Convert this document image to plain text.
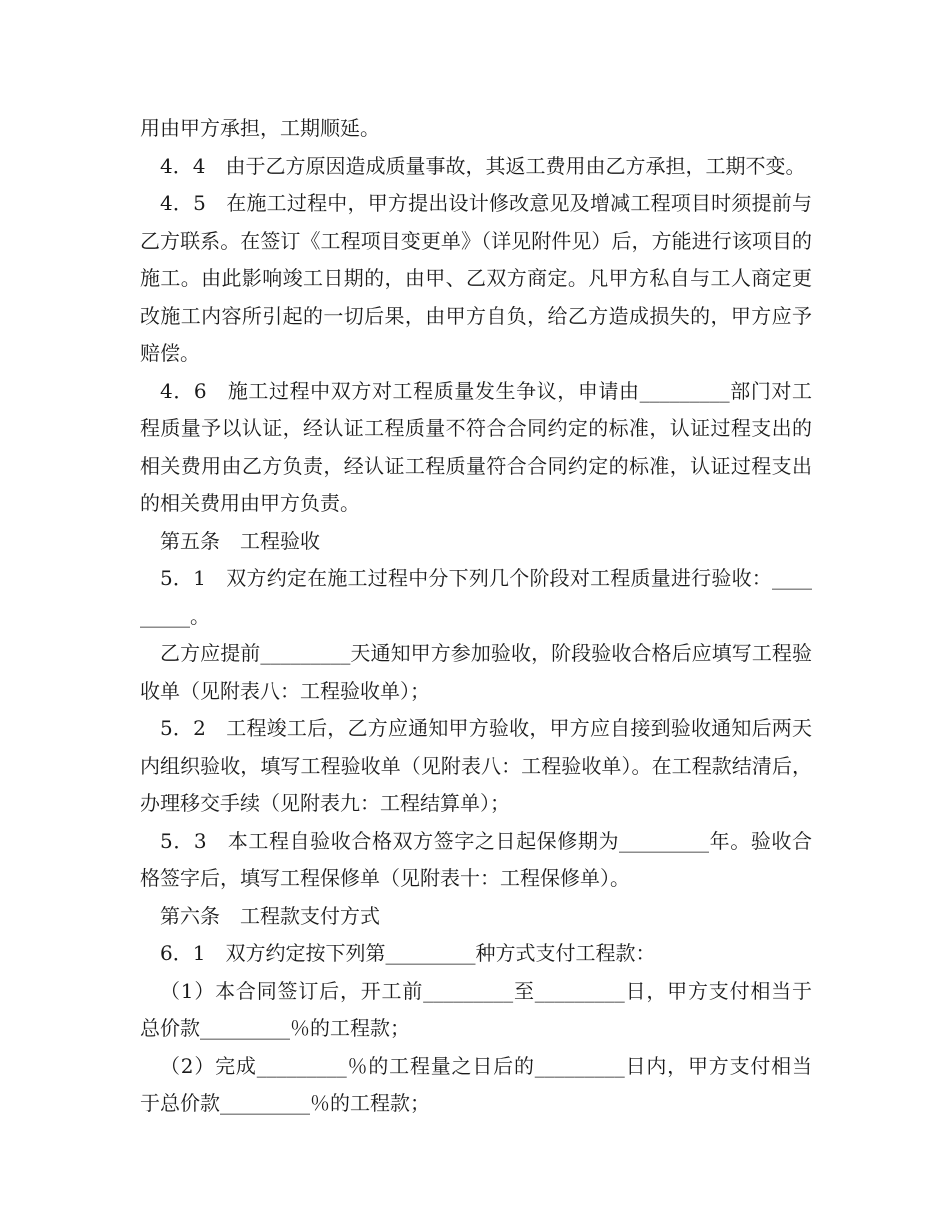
用由甲方承担，工期顺延。

4．4　由于乙方原因造成质量事故，其返工费用由乙方承担，工期不变。

4．5　在施工过程中，甲方提出设计修改意见及增减工程项目时须提前与乙方联系。在签订《工程项目变更单》（详见附件见）后，方能进行该项目的施工。由此影响竣工日期的，由甲、乙双方商定。凡甲方私自与工人商定更改施工内容所引起的一切后果，由甲方自负，给乙方造成损失的，甲方应予赔偿。

4．6　施工过程中双方对工程质量发生争议，申请由_________部门对工程质量予以认证，经认证工程质量不符合合同约定的标准，认证过程支出的相关费用由乙方负责，经认证工程质量符合合同约定的标准，认证过程支出的相关费用由甲方负责。

第五条　工程验收

5．1　双方约定在施工过程中分下列几个阶段对工程质量进行验收：_________。

乙方应提前_________天通知甲方参加验收，阶段验收合格后应填写工程验收单（见附表八：工程验收单）；

5．2　工程竣工后，乙方应通知甲方验收，甲方应自接到验收通知后两天内组织验收，填写工程验收单（见附表八：工程验收单）。在工程款结清后，办理移交手续（见附表九：工程结算单）；

5．3　本工程自验收合格双方签字之日起保修期为_________年。验收合格签字后，填写工程保修单（见附表十：工程保修单）。

第六条　工程款支付方式

6．1　双方约定按下列第_________种方式支付工程款：

（1）本合同签订后，开工前_________至_________日，甲方支付相当于总价款_________％的工程款；

（2）完成_________％的工程量之日后的_________日内，甲方支付相当于总价款_________％的工程款；
